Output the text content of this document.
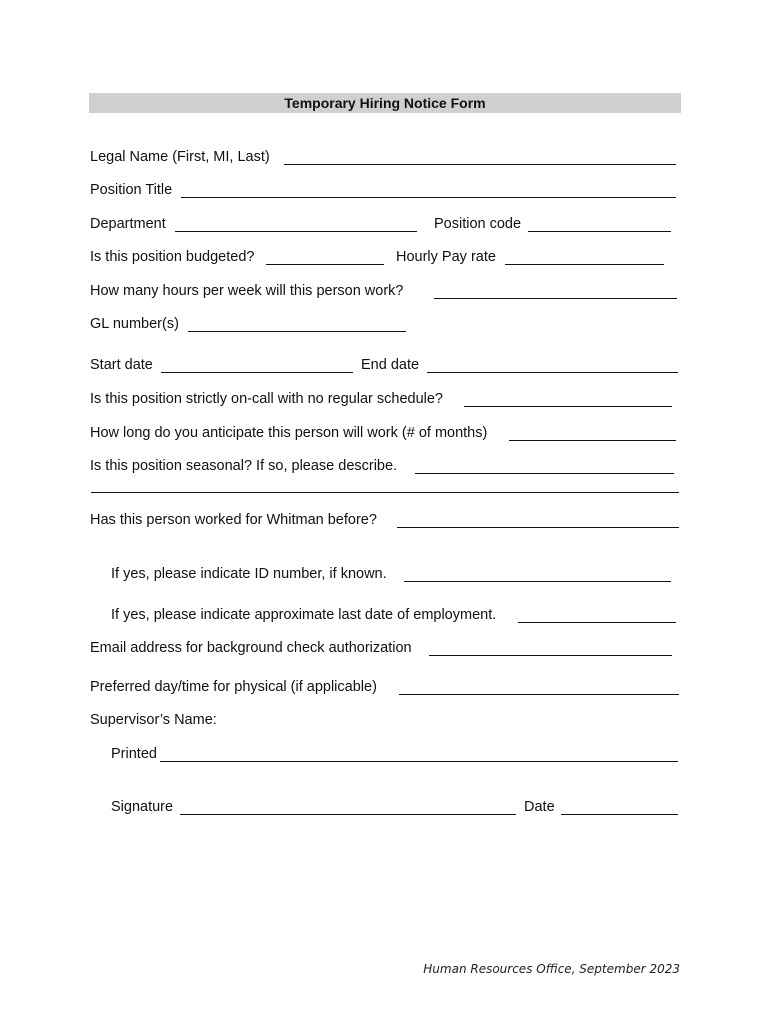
Temporary Hiring Notice Form
Legal Name (First, MI, Last)
Position Title
Department	Position code
Is this position budgeted?	Hourly Pay rate
How many hours per week will this person work?
GL number(s)
Start date	End date
Is this position strictly on-call with no regular schedule?
How long do you anticipate this person will work (# of months)
Is this position seasonal? If so, please describe.
Has this person worked for Whitman before?
If yes, please indicate ID number, if known.
If yes, please indicate approximate last date of employment.
Email address for background check authorization
Preferred day/time for physical (if applicable)
Supervisor’s Name:
Printed
Signature	Date
Human Resources Office, September 2023
